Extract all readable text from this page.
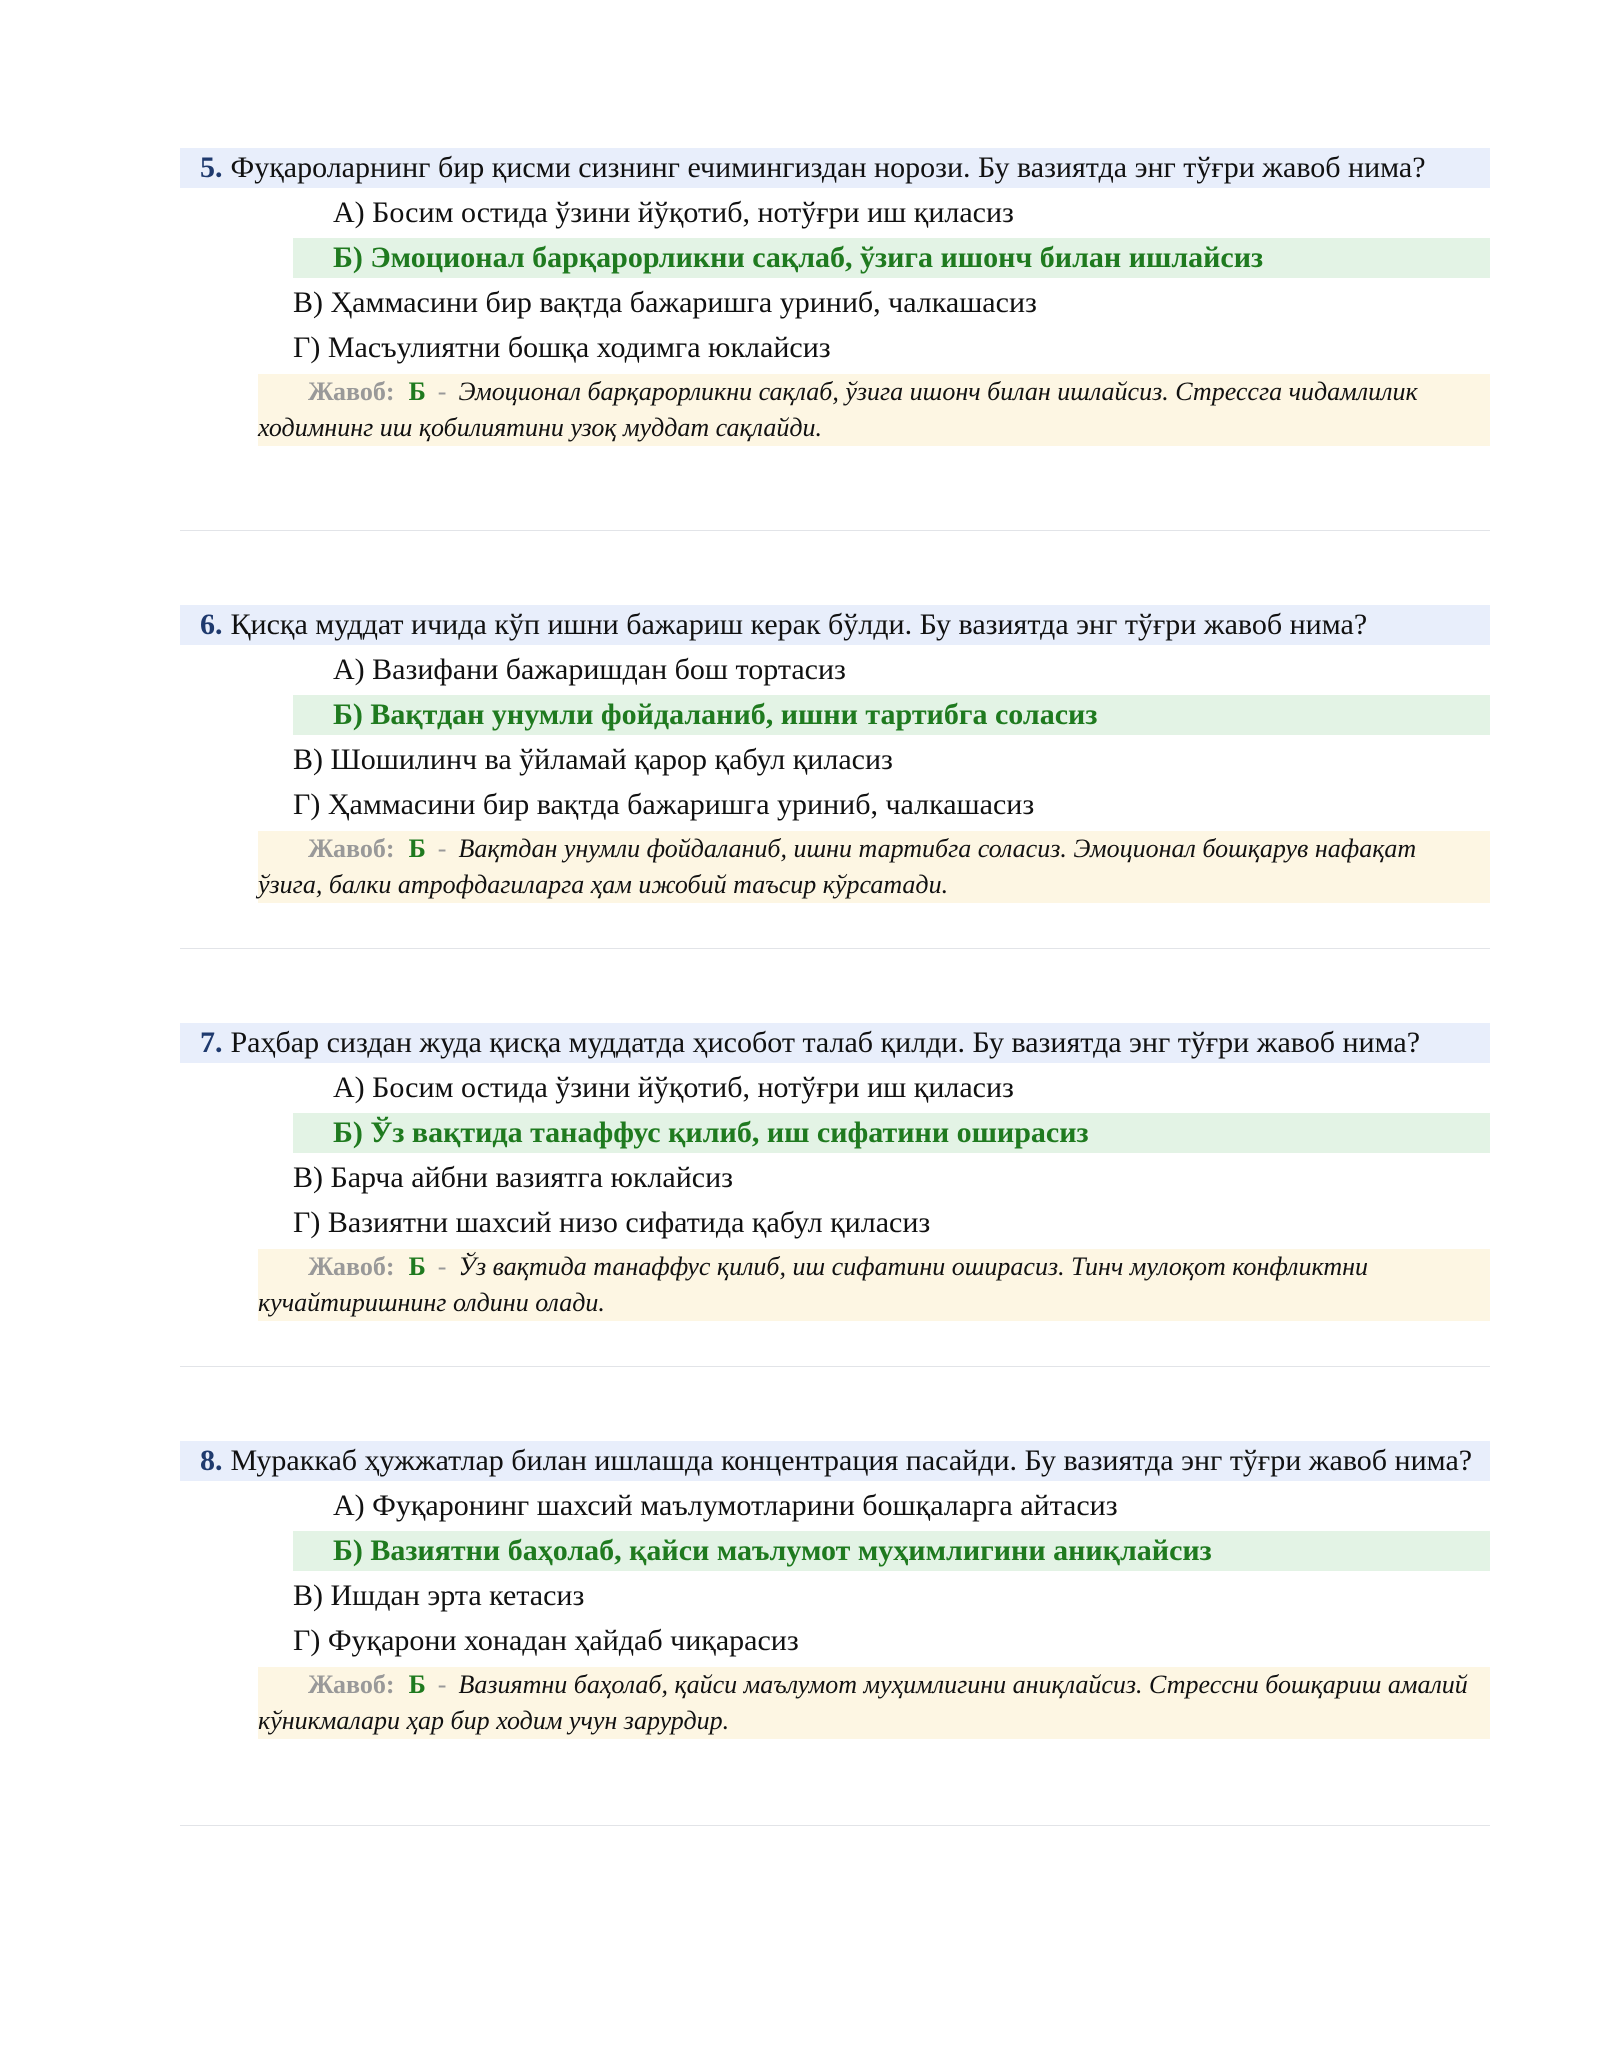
5. Фуқароларнинг бир қисми сизнинг ечимингиздан норози. Бу вазиятда энг тўғри жавоб нима?
А) Босим остида ўзини йўқотиб, нотўғри иш қиласиз
Б) Эмоционал барқарорликни сақлаб, ўзига ишонч билан ишлайсиз
В) Ҳаммасини бир вақтда бажаришга уриниб, чалкашасиз
Г) Масъулиятни бошқа ходимга юклайсиз
Жавоб: Б - Эмоционал барқарорликни сақлаб, ўзига ишонч билан ишлайсиз. Стрессга чидамлилик ходимнинг иш қобилиятини узоқ муддат сақлайди.
6. Қисқа муддат ичида кўп ишни бажариш керак бўлди. Бу вазиятда энг тўғри жавоб нима?
А) Вазифани бажаришдан бош тортасиз
Б) Вақтдан унумли фойдаланиб, ишни тартибга соласиз
В) Шошилинч ва ўйламай қарор қабул қиласиз
Г) Ҳаммасини бир вақтда бажаришга уриниб, чалкашасиз
Жавоб: Б - Вақтдан унумли фойдаланиб, ишни тартибга соласиз. Эмоционал бошқарув нафақат ўзига, балки атрофдагиларга ҳам ижобий таъсир кўрсатади.
7. Раҳбар сиздан жуда қисқа муддатда ҳисобот талаб қилди. Бу вазиятда энг тўғри жавоб нима?
А) Босим остида ўзини йўқотиб, нотўғри иш қиласиз
Б) Ўз вақтида танаффус қилиб, иш сифатини оширасиз
В) Барча айбни вазиятга юклайсиз
Г) Вазиятни шахсий низо сифатида қабул қиласиз
Жавоб: Б - Ўз вақтида танаффус қилиб, иш сифатини оширасиз. Тинч мулоқот конфликтни кучайтиришнинг олдини олади.
8. Мураккаб ҳужжатлар билан ишлашда концентрация пасайди. Бу вазиятда энг тўғри жавоб нима?
А) Фуқаронинг шахсий маълумотларини бошқаларга айтасиз
Б) Вазиятни баҳолаб, қайси маълумот муҳимлигини аниқлайсиз
В) Ишдан эрта кетасиз
Г) Фуқарони хонадан ҳайдаб чиқарасиз
Жавоб: Б - Вазиятни баҳолаб, қайси маълумот муҳимлигини аниқлайсиз. Стрессни бошқариш амалий кўникмалари ҳар бир ходим учун зарурдир.
